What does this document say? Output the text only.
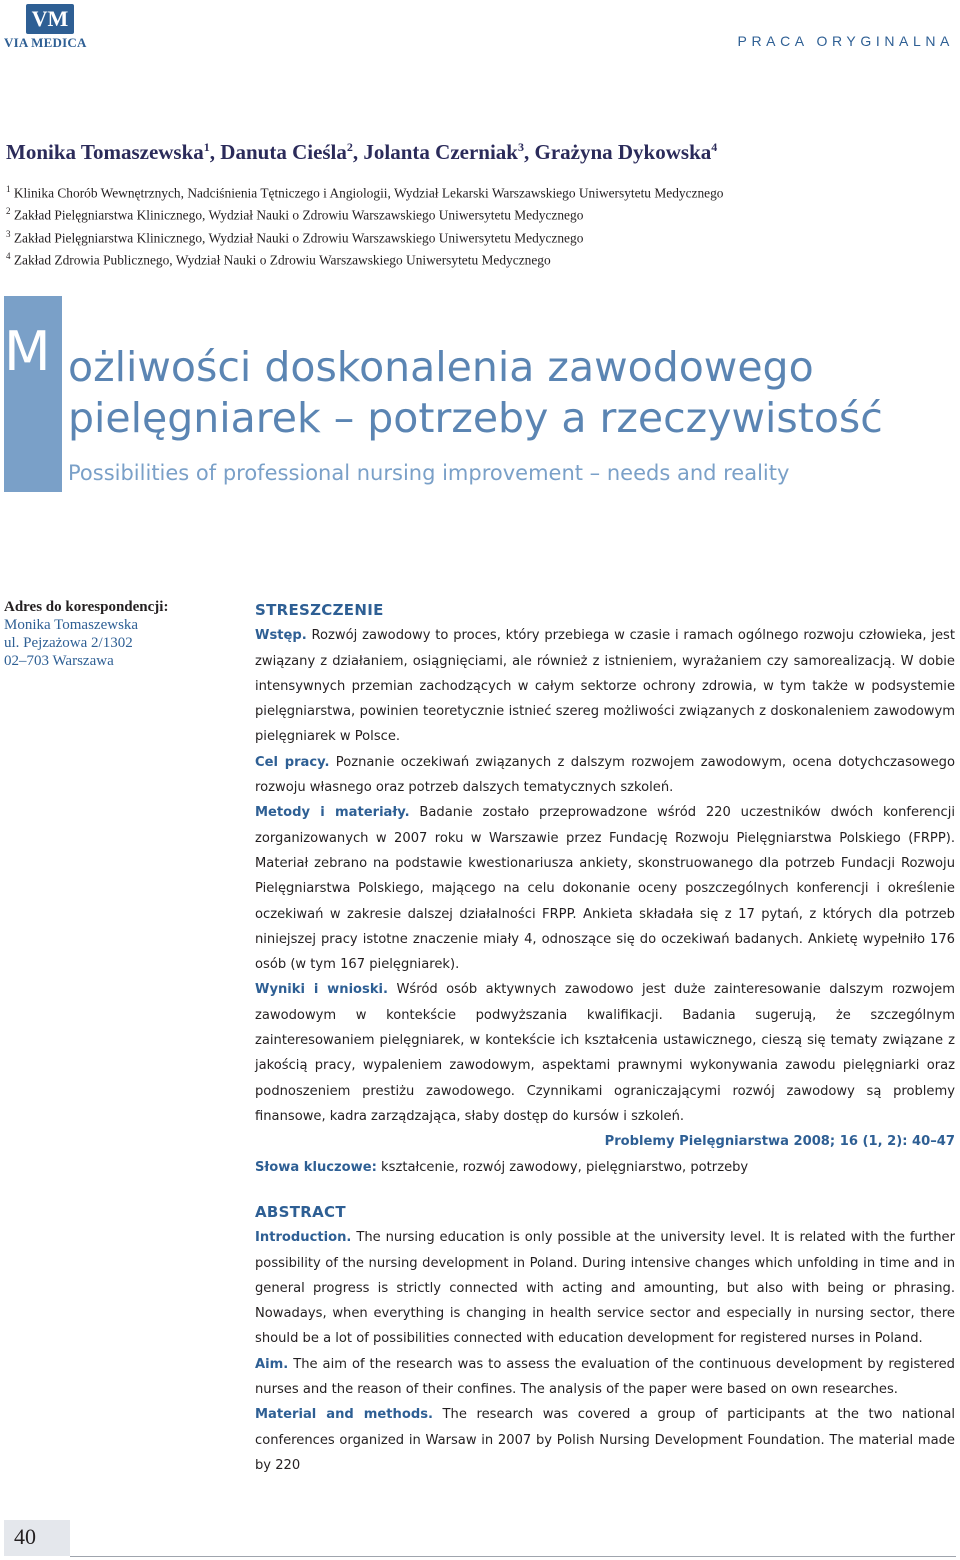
VM
VIA MEDICA	PRACA ORYGINALNA
Monika Tomaszewska$^1$, Danuta Cieśla$^2$, Jolanta Czerniak$^3$, Grażyna Dykowska$^4$
$^1$ Klinika Chorób Wewnętrznych, Nadciśnienia Tętniczego i Angiologii, Wydział Lekarski Warszawskiego Uniwersytetu Medycznego
$^2$ Zakład Pielęgniarstwa Klinicznego, Wydział Nauki o Zdrowiu Warszawskiego Uniwersytetu Medycznego
$^3$ Zakład Pielęgniarstwa Klinicznego, Wydział Nauki o Zdrowiu Warszawskiego Uniwersytetu Medycznego
$^4$ Zakład Zdrowia Publicznego, Wydział Nauki o Zdrowiu Warszawskiego Uniwersytetu Medycznego
M ożliwości doskonalenia zawodowego
pielęgniarek – potrzeby a rzeczywistość
Possibilities of professional nursing improvement – needs and reality
Adres do korespondencji:
Monika Tomaszewska
ul. Pejzażowa 2/1302
02–703 Warszawa
STRESZCZENIE

Wstęp. Rozwój zawodowy to proces, który przebiega w czasie i ramach ogólnego rozwoju człowieka, jest związany z działaniem, osiągnięciami, ale również z istnieniem, wyrażaniem czy samorealizacją. W dobie intensywnych przemian zachodzących w całym sektorze ochrony zdrowia, w tym także w podsystemie pielęgniarstwa, powinien teoretycznie istnieć szereg możliwości związanych z doskonaleniem zawodowym pielęgniarek w Polsce.

Cel pracy. Poznanie oczekiwań związanych z dalszym rozwojem zawodowym, ocena dotychczasowego rozwoju własnego oraz potrzeb dalszych tematycznych szkoleń.

Metody i materiały. Badanie zostało przeprowadzone wśród 220 uczestników dwóch konferencji zorganizowanych w 2007 roku w Warszawie przez Fundację Rozwoju Pielęgniarstwa Polskiego (FRPP). Materiał zebrano na podstawie kwestionariusza ankiety, skonstruowanego dla potrzeb Fundacji Rozwoju Pielęgniarstwa Polskiego, mającego na celu dokonanie oceny poszczególnych konferencji i określenie oczekiwań w zakresie dalszej działalności FRPP. Ankieta składała się z 17 pytań, z których dla potrzeb niniejszej pracy istotne znaczenie miały 4, odnoszące się do oczekiwań badanych. Ankietę wypełniło 176 osób (w tym 167 pielęgniarek).

Wyniki i wnioski. Wśród osób aktywnych zawodowo jest duże zainteresowanie dalszym rozwojem zawodowym w kontekście podwyższania kwalifikacji. Badania sugerują, że szczególnym zainteresowaniem pielęgniarek, w kontekście ich kształcenia ustawicznego, cieszą się tematy związane z jakością pracy, wypaleniem zawodowym, aspektami prawnymi wykonywania zawodu pielęgniarki oraz podnoszeniem prestiżu zawodowego. Czynnikami ograniczającymi rozwój zawodowy są problemy finansowe, kadra zarządzająca, słaby dostęp do kursów i szkoleń.

Problemy Pielęgniarstwa 2008; 16 (1, 2): 40–47

Słowa kluczowe: kształcenie, rozwój zawodowy, pielęgniarstwo, potrzeby

ABSTRACT

Introduction. The nursing education is only possible at the university level. It is related with the further possibility of the nursing development in Poland. During intensive changes which unfolding in time and in general progress is strictly connected with acting and amounting, but also with being or phrasing. Nowadays, when everything is changing in health service sector and especially in nursing sector, there should be a lot of possibilities connected with education development for registered nurses in Poland.

Aim. The aim of the research was to assess the evaluation of the continuous development by registered nurses and the reason of their confines. The analysis of the paper were based on own researches.

Material and methods. The research was covered a group of participants at the two national conferences organized in Warsaw in 2007 by Polish Nursing Development Foundation. The material made by 220

40
